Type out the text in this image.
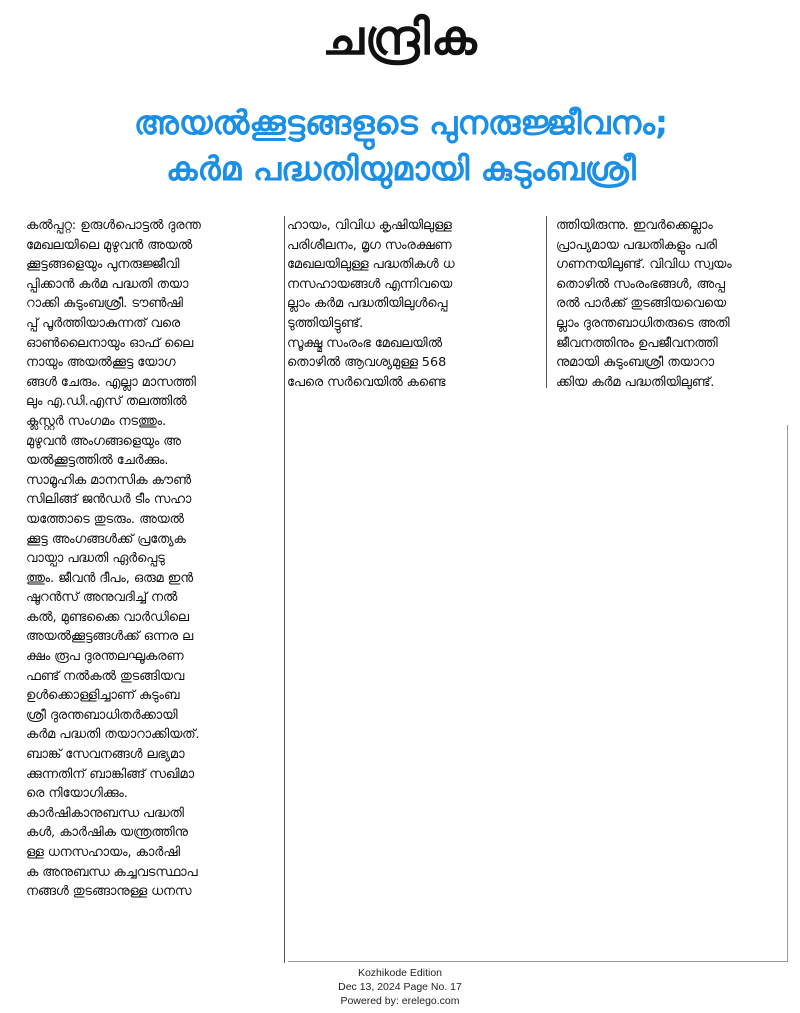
ചന്ദ്രിക
അയൽക്കൂട്ടങ്ങളുടെ പുനരുജ്ജീവനം;
കർമ പദ്ധതിയുമായി കുടുംബശ്രീ

കൽപ്പറ്റ: ഉരുൾപൊട്ടൽ ദുരന്ത
മേഖലയിലെ മുഴുവൻ അയൽ
ക്കൂട്ടങ്ങളെയും പുനരുജ്ജീവി
പ്പിക്കാൻ കർമ പദ്ധതി തയാ
റാക്കി കുടുംബശ്രീ. ടൗൺഷി
പ്പ് പൂർത്തിയാകുന്നത് വരെ
ഓൺലൈനായും ഓഫ് ലൈ
നായും അയൽക്കൂട്ട യോഗ
ങ്ങൾ ചേരും. എല്ലാ മാസത്തി
ലും എ.ഡി.എസ് തലത്തിൽ
ക്ലസ്റ്റർ സംഗമം നടത്തും.

മുഴുവൻ അംഗങ്ങളെയും അ
യൽക്കൂട്ടത്തിൽ ചേർക്കും.
സാമൂഹിക മാനസിക കൗൺ
സിലിങ്ങ് ജൻഡർ ടീം സഹാ
യത്തോടെ തുടരും. അയൽ
ക്കൂട്ട അംഗങ്ങൾക്ക് പ്രത്യേക
വായ്പാ പദ്ധതി ഏർപ്പെടു
ത്തും. ജീവൻ ദീപം, ഒരുമ ഇൻ
ഷൂറൻസ് അനുവദിച്ച് നൽ
കൽ, മുണ്ടക്കൈ വാർഡിലെ
അയൽക്കൂട്ടങ്ങൾക്ക് ഒന്നര ല
ക്ഷം രൂപ ദുരന്തലഘൂകരണ
ഫണ്ട് നൽകൽ തുടങ്ങിയവ
ഉൾക്കൊള്ളിച്ചാണ് കുടുംബ
ശ്രീ ദുരന്തബാധിതർക്കായി
കർമ പദ്ധതി തയാറാക്കിയത്.

ബാങ്ക് സേവനങ്ങൾ ലഭ്യമാ
ക്കുന്നതിന് ബാങ്കിങ്ങ് സഖിമാ
രെ നിയോഗിക്കും.

കാർഷികാനുബന്ധ പദ്ധതി
കൾ, കാർഷിക യന്ത്രത്തിനു
ള്ള ധനസഹായം, കാർഷി
ക അനുബന്ധ കച്ചവടസ്ഥാപ
നങ്ങൾ തുടങ്ങാനുള്ള ധനസ

ഹായം, വിവിധ കൃഷിയിലുള്ള
പരിശീലനം, മൃഗ സംരക്ഷണ
മേഖലയിലുള്ള പദ്ധതികൾ ധ
നസഹായങ്ങൾ എന്നിവയെ
ല്ലാം കർമ പദ്ധതിയിലുൾപ്പെ
ടുത്തിയിട്ടുണ്ട്.

സൂക്ഷ്മ സംരംഭ മേഖലയിൽ
തൊഴിൽ ആവശ്യമുള്ള 568
പേരെ സർവെയിൽ കണ്ടെ

ത്തിയിരുന്നു. ഇവർക്കെല്ലാം
പ്രാപ്യമായ പദ്ധതികളും പരി
ഗണനയിലുണ്ട്. വിവിധ സ്വയം
തൊഴിൽ സംരംഭങ്ങൾ, അപ്പ
രൽ പാർക്ക് തുടങ്ങിയവെയെ
ല്ലാം ദുരന്തബാധിതരുടെ അതി
ജീവനത്തിനും ഉപജീവനത്തി
നുമായി കുടുംബശ്രീ തയാറാ
ക്കിയ കർമ പദ്ധതിയിലുണ്ട്.

Kozhikode Edition
Dec 13, 2024 Page No. 17
Powered by: erelego.com
